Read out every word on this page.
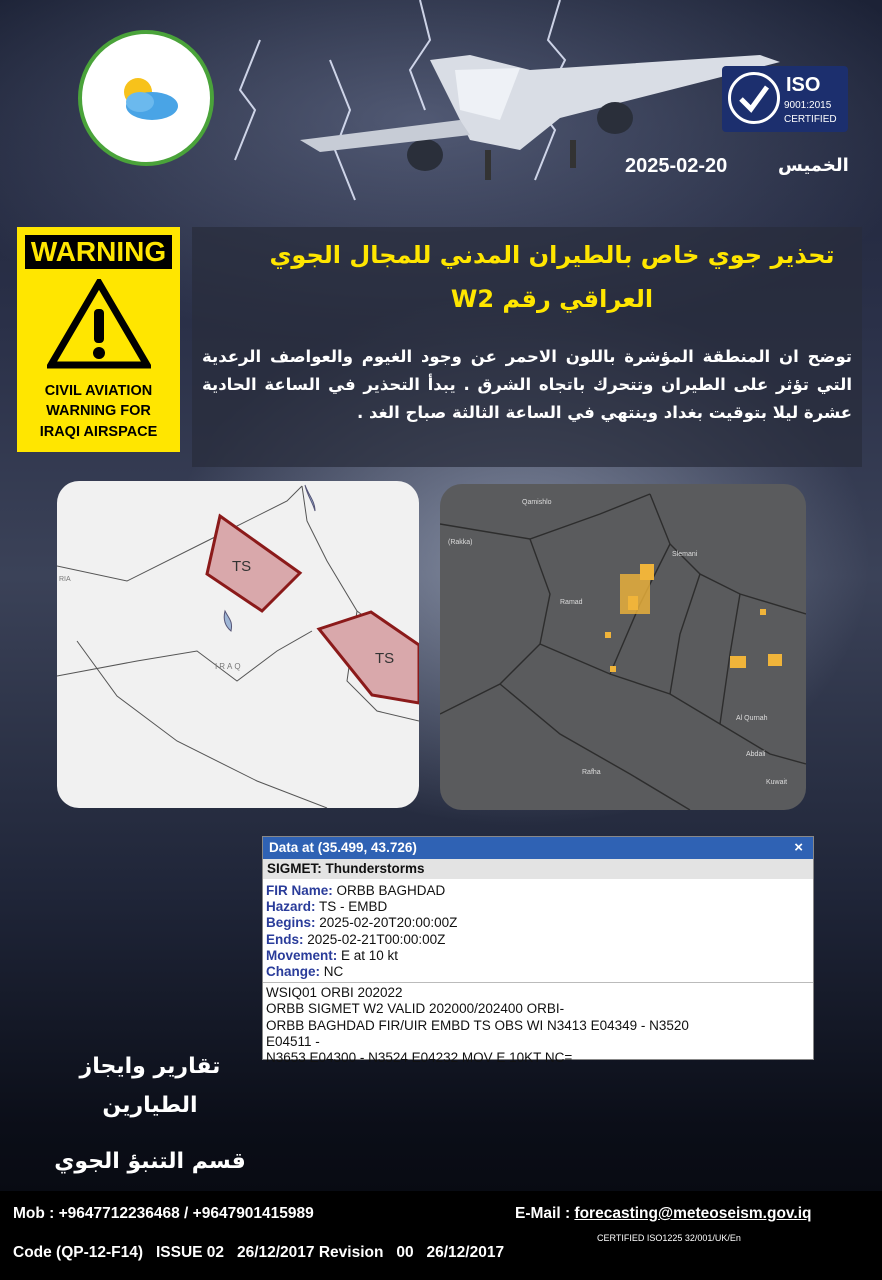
ISO
9001:2015
CERTIFIED
2025-02-20	الخميس
WARNING
CIVIL AVIATION
WARNING FOR
IRAQI AIRSPACE
تحذير جوي خاص بالطيران المدني للمجال الجوي
العراقي رقم W2
توضح ان المنطقة المؤشرة باللون الاحمر عن وجود الغيوم والعواصف الرعدية التي تؤثر على الطيران وتتحرك باتجاه الشرق . يبدأ التحذير في الساعة الحادية عشرة ليلا بتوقيت بغداد وينتهي في الساعة الثالثة صباح الغد .
TS
TS
IRAQ
RIA
Qamishlo
(Rakka)
Slemani
Al Qurnah
Abdali
Rafha
Kuwait
Ramad
Data at (35.499, 43.726)	×
SIGMET: Thunderstorms
FIR Name: ORBB BAGHDAD
Hazard: TS - EMBD
Begins: 2025-02-20T20:00:00Z
Ends: 2025-02-21T00:00:00Z
Movement: E at 10 kt
Change: NC
WSIQ01 ORBI 202022
ORBB SIGMET W2 VALID 202000/202400 ORBI-
ORBB BAGHDAD FIR/UIR EMBD TS OBS WI N3413 E04349 - N3520
E04511 -
N3653 E04300 - N3524 E04232 MOV E 10KT NC=
تقارير وايجاز
الطيارين
قسم التنبؤ الجوي
Mob : +9647712236468 / +9647901415989	E-Mail : forecasting@meteoseism.gov.iq
CERTIFIED ISO1225 32/001/UK/En
Code (QP-12-F14)   ISSUE 02   26/12/2017 Revision   00   26/12/2017
